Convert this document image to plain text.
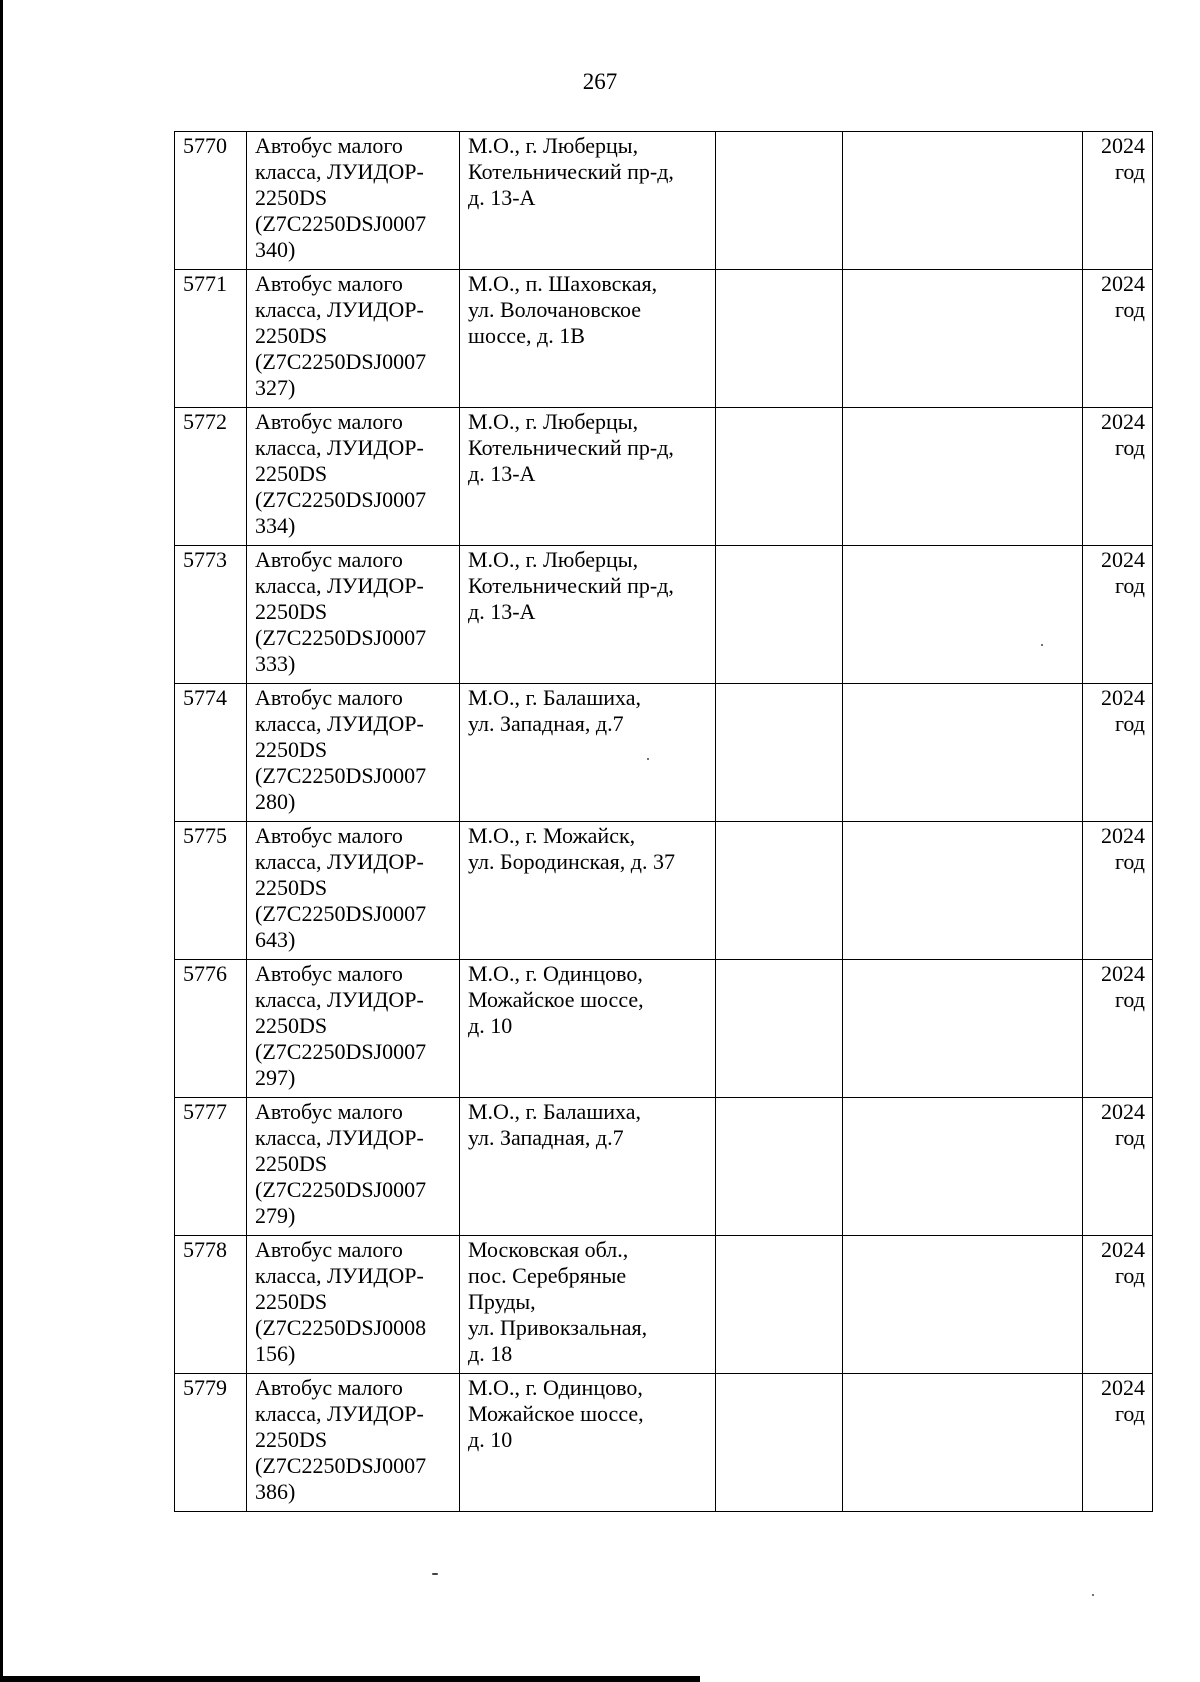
267
5770	Автобус малого
класса, ЛУИДОР-
2250DS
(Z7C2250DSJ0007
340)	М.О., г. Люберцы,
Котельнический пр-д,
д. 13-А			2024
год

5771	Автобус малого
класса, ЛУИДОР-
2250DS
(Z7C2250DSJ0007
327)	М.О., п. Шаховская,
ул. Волочановское
шоссе, д. 1В			2024
год

5772	Автобус малого
класса, ЛУИДОР-
2250DS
(Z7C2250DSJ0007
334)	М.О., г. Люберцы,
Котельнический пр-д,
д. 13-А			2024
год

5773	Автобус малого
класса, ЛУИДОР-
2250DS
(Z7C2250DSJ0007
333)	М.О., г. Люберцы,
Котельнический пр-д,
д. 13-А			2024
год

5774	Автобус малого
класса, ЛУИДОР-
2250DS
(Z7C2250DSJ0007
280)	М.О., г. Балашиха,
ул. Западная, д.7			2024
год

5775	Автобус малого
класса, ЛУИДОР-
2250DS
(Z7C2250DSJ0007
643)	М.О., г. Можайск,
ул. Бородинская, д. 37			2024
год

5776	Автобус малого
класса, ЛУИДОР-
2250DS
(Z7C2250DSJ0007
297)	М.О., г. Одинцово,
Можайское шоссе,
д. 10			2024
год

5777	Автобус малого
класса, ЛУИДОР-
2250DS
(Z7C2250DSJ0007
279)	М.О., г. Балашиха,
ул. Западная, д.7			2024
год

5778	Автобус малого
класса, ЛУИДОР-
2250DS
(Z7C2250DSJ0008
156)	Московская обл.,
пос. Серебряные
Пруды,
ул. Привокзальная,
д. 18			2024
год

5779	Автобус малого
класса, ЛУИДОР-
2250DS
(Z7C2250DSJ0007
386)	М.О., г. Одинцово,
Можайское шоссе,
д. 10			2024
год
